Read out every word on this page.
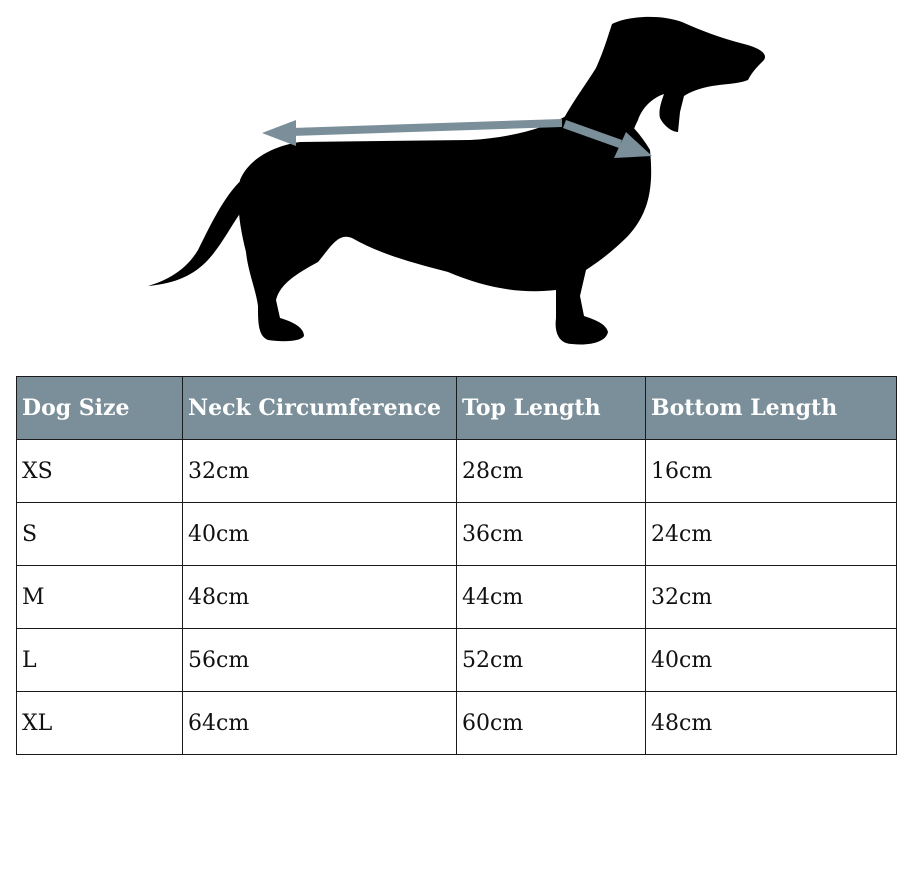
Dog Size	Neck Circumference	Top Length	Bottom Length
XS	32cm	28cm	16cm
S	40cm	36cm	24cm
M	48cm	44cm	32cm
L	56cm	52cm	40cm
XL	64cm	60cm	48cm
